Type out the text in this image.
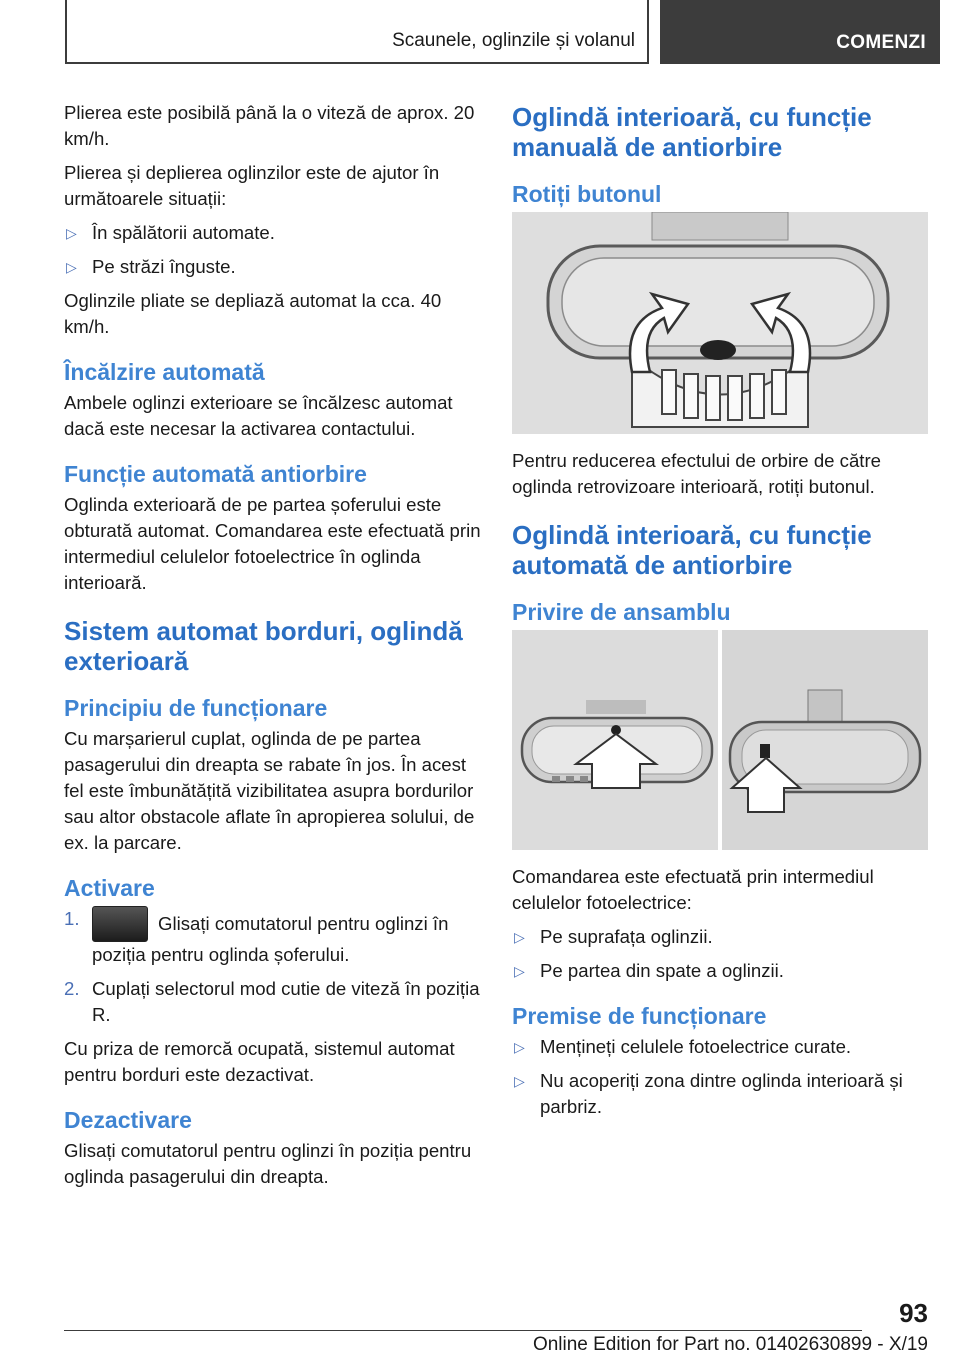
Scaunele, oglinzile și volanul	COMENZI

Plierea este posibilă până la o viteză de aprox. 20 km/h.

Plierea și deplierea oglinzilor este de ajutor în următoarele situații:

▷ În spălătorii automate.
▷ Pe străzi înguste.

Oglinzile pliate se depliază automat la cca. 40 km/h.

Încălzire automată

Ambele oglinzi exterioare se încălzesc automat dacă este necesar la activarea contactului.

Funcție automată antiorbire

Oglinda exterioară de pe partea șoferului este obturată automat. Comandarea este efectuată prin intermediul celulelor fotoelectrice în oglinda interioară.

Sistem automat borduri, oglindă exterioară
Principiu de funcționare

Cu marșarierul cuplat, oglinda de pe partea pasagerului din dreapta se rabate în jos. În acest fel este îmbunătățită vizibilitatea asupra bordurilor sau altor obstacole aflate în apropierea solului, de ex. la parcare.

Activare
1.	Glisați comutatorul pentru oglinzi în poziția pentru oglinda șoferului.
2. Cuplați selectorul mod cutie de viteză în poziția R.

Cu priza de remorcă ocupată, sistemul automat pentru borduri este dezactivat.

Dezactivare

Glisați comutatorul pentru oglinzi în poziția pentru oglinda pasagerului din dreapta.

Oglindă interioară, cu funcție manuală de antiorbire
Rotiți butonul

Pentru reducerea efectului de orbire de către oglinda retrovizoare interioară, rotiți butonul.

Oglindă interioară, cu funcție automată de antiorbire
Privire de ansamblu

Comandarea este efectuată prin intermediul celulelor fotoelectrice:

▷ Pe suprafața oglinzii.
▷ Pe partea din spate a oglinzii.
Premise de funcționare
▷ Mențineți celulele fotoelectrice curate.
▷ Nu acoperiți zona dintre oglinda interioară și parbriz.
93
Online Edition for Part no. 01402630899 - X/19
